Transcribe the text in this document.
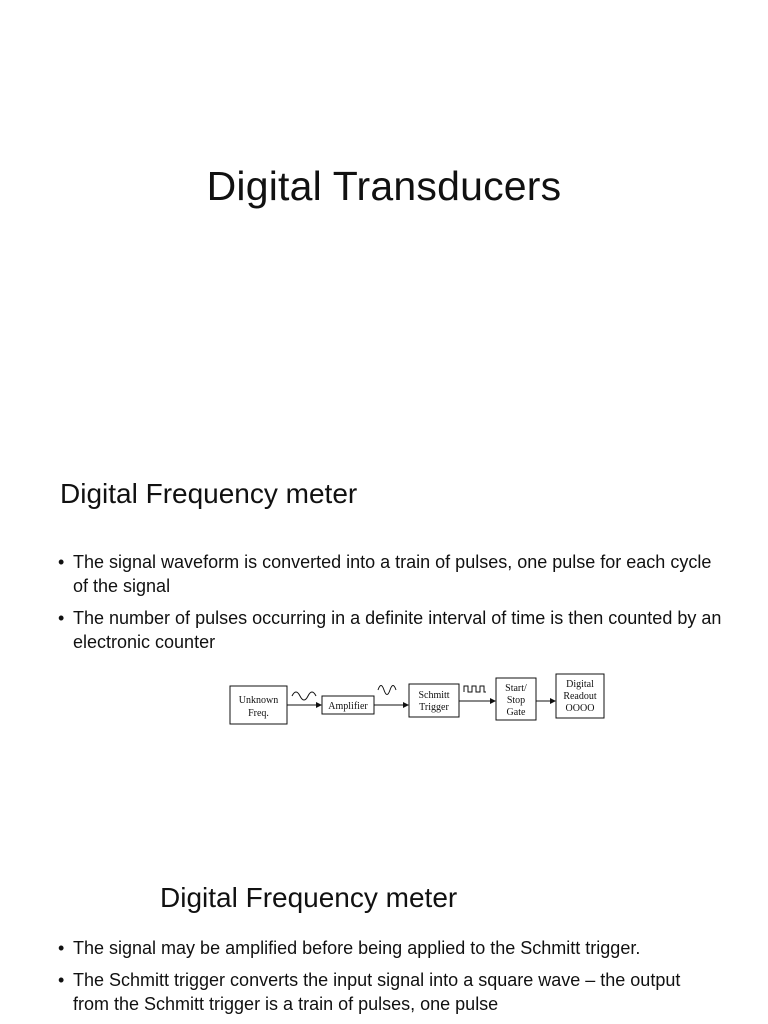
Digital Transducers
Digital Frequency meter
• The signal waveform is converted into a train of pulses, one pulse for each cycle of the signal
• The number of pulses occurring in a definite interval of time is then counted by an electronic counter
Unknown
Freq.
Amplifier
Schmitt
Trigger
Start/
Stop
Gate
Digital
Readout
OOOO
Digital Frequency meter
• The signal may be amplified before being applied to the Schmitt trigger.
• The Schmitt trigger converts the input signal into a square wave – the output from the Schmitt trigger is a train of pulses, one pulse
